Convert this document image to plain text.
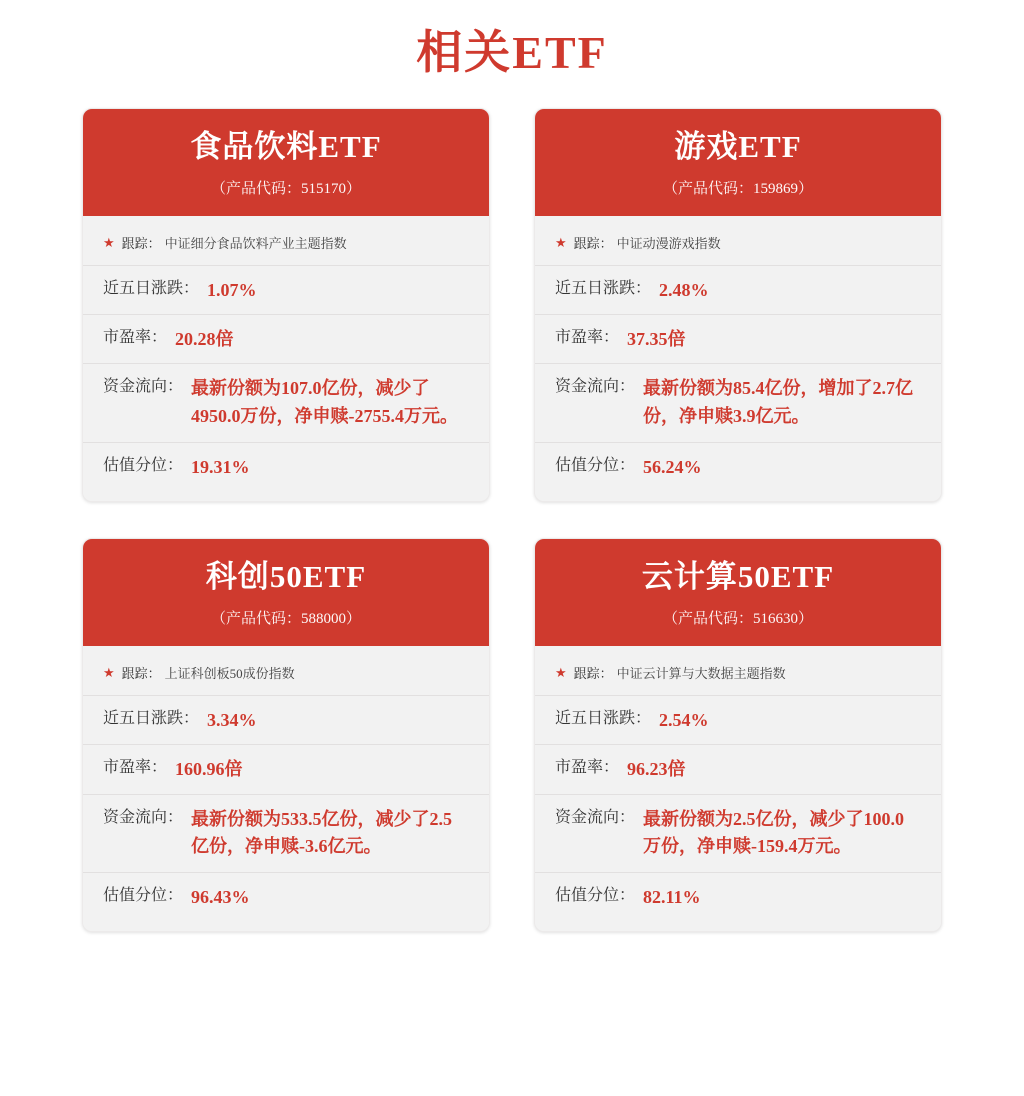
相关ETF
食品饮料ETF
（产品代码：515170）
★ 跟踪： 中证细分食品饮料产业主题指数
近五日涨跌： 1.07%
市盈率： 20.28倍
资金流向： 最新份额为107.0亿份，减少了4950.0万份，净申赎-2755.4万元。
估值分位： 19.31%
游戏ETF
（产品代码：159869）
★ 跟踪： 中证动漫游戏指数
近五日涨跌： 2.48%
市盈率： 37.35倍
资金流向： 最新份额为85.4亿份，增加了2.7亿份，净申赎3.9亿元。
估值分位： 56.24%
科创50ETF
（产品代码：588000）
★ 跟踪： 上证科创板50成份指数
近五日涨跌： 3.34%
市盈率： 160.96倍
资金流向： 最新份额为533.5亿份，减少了2.5亿份，净申赎-3.6亿元。
估值分位： 96.43%
云计算50ETF
（产品代码：516630）
★ 跟踪： 中证云计算与大数据主题指数
近五日涨跌： 2.54%
市盈率： 96.23倍
资金流向： 最新份额为2.5亿份，减少了100.0万份，净申赎-159.4万元。
估值分位： 82.11%
